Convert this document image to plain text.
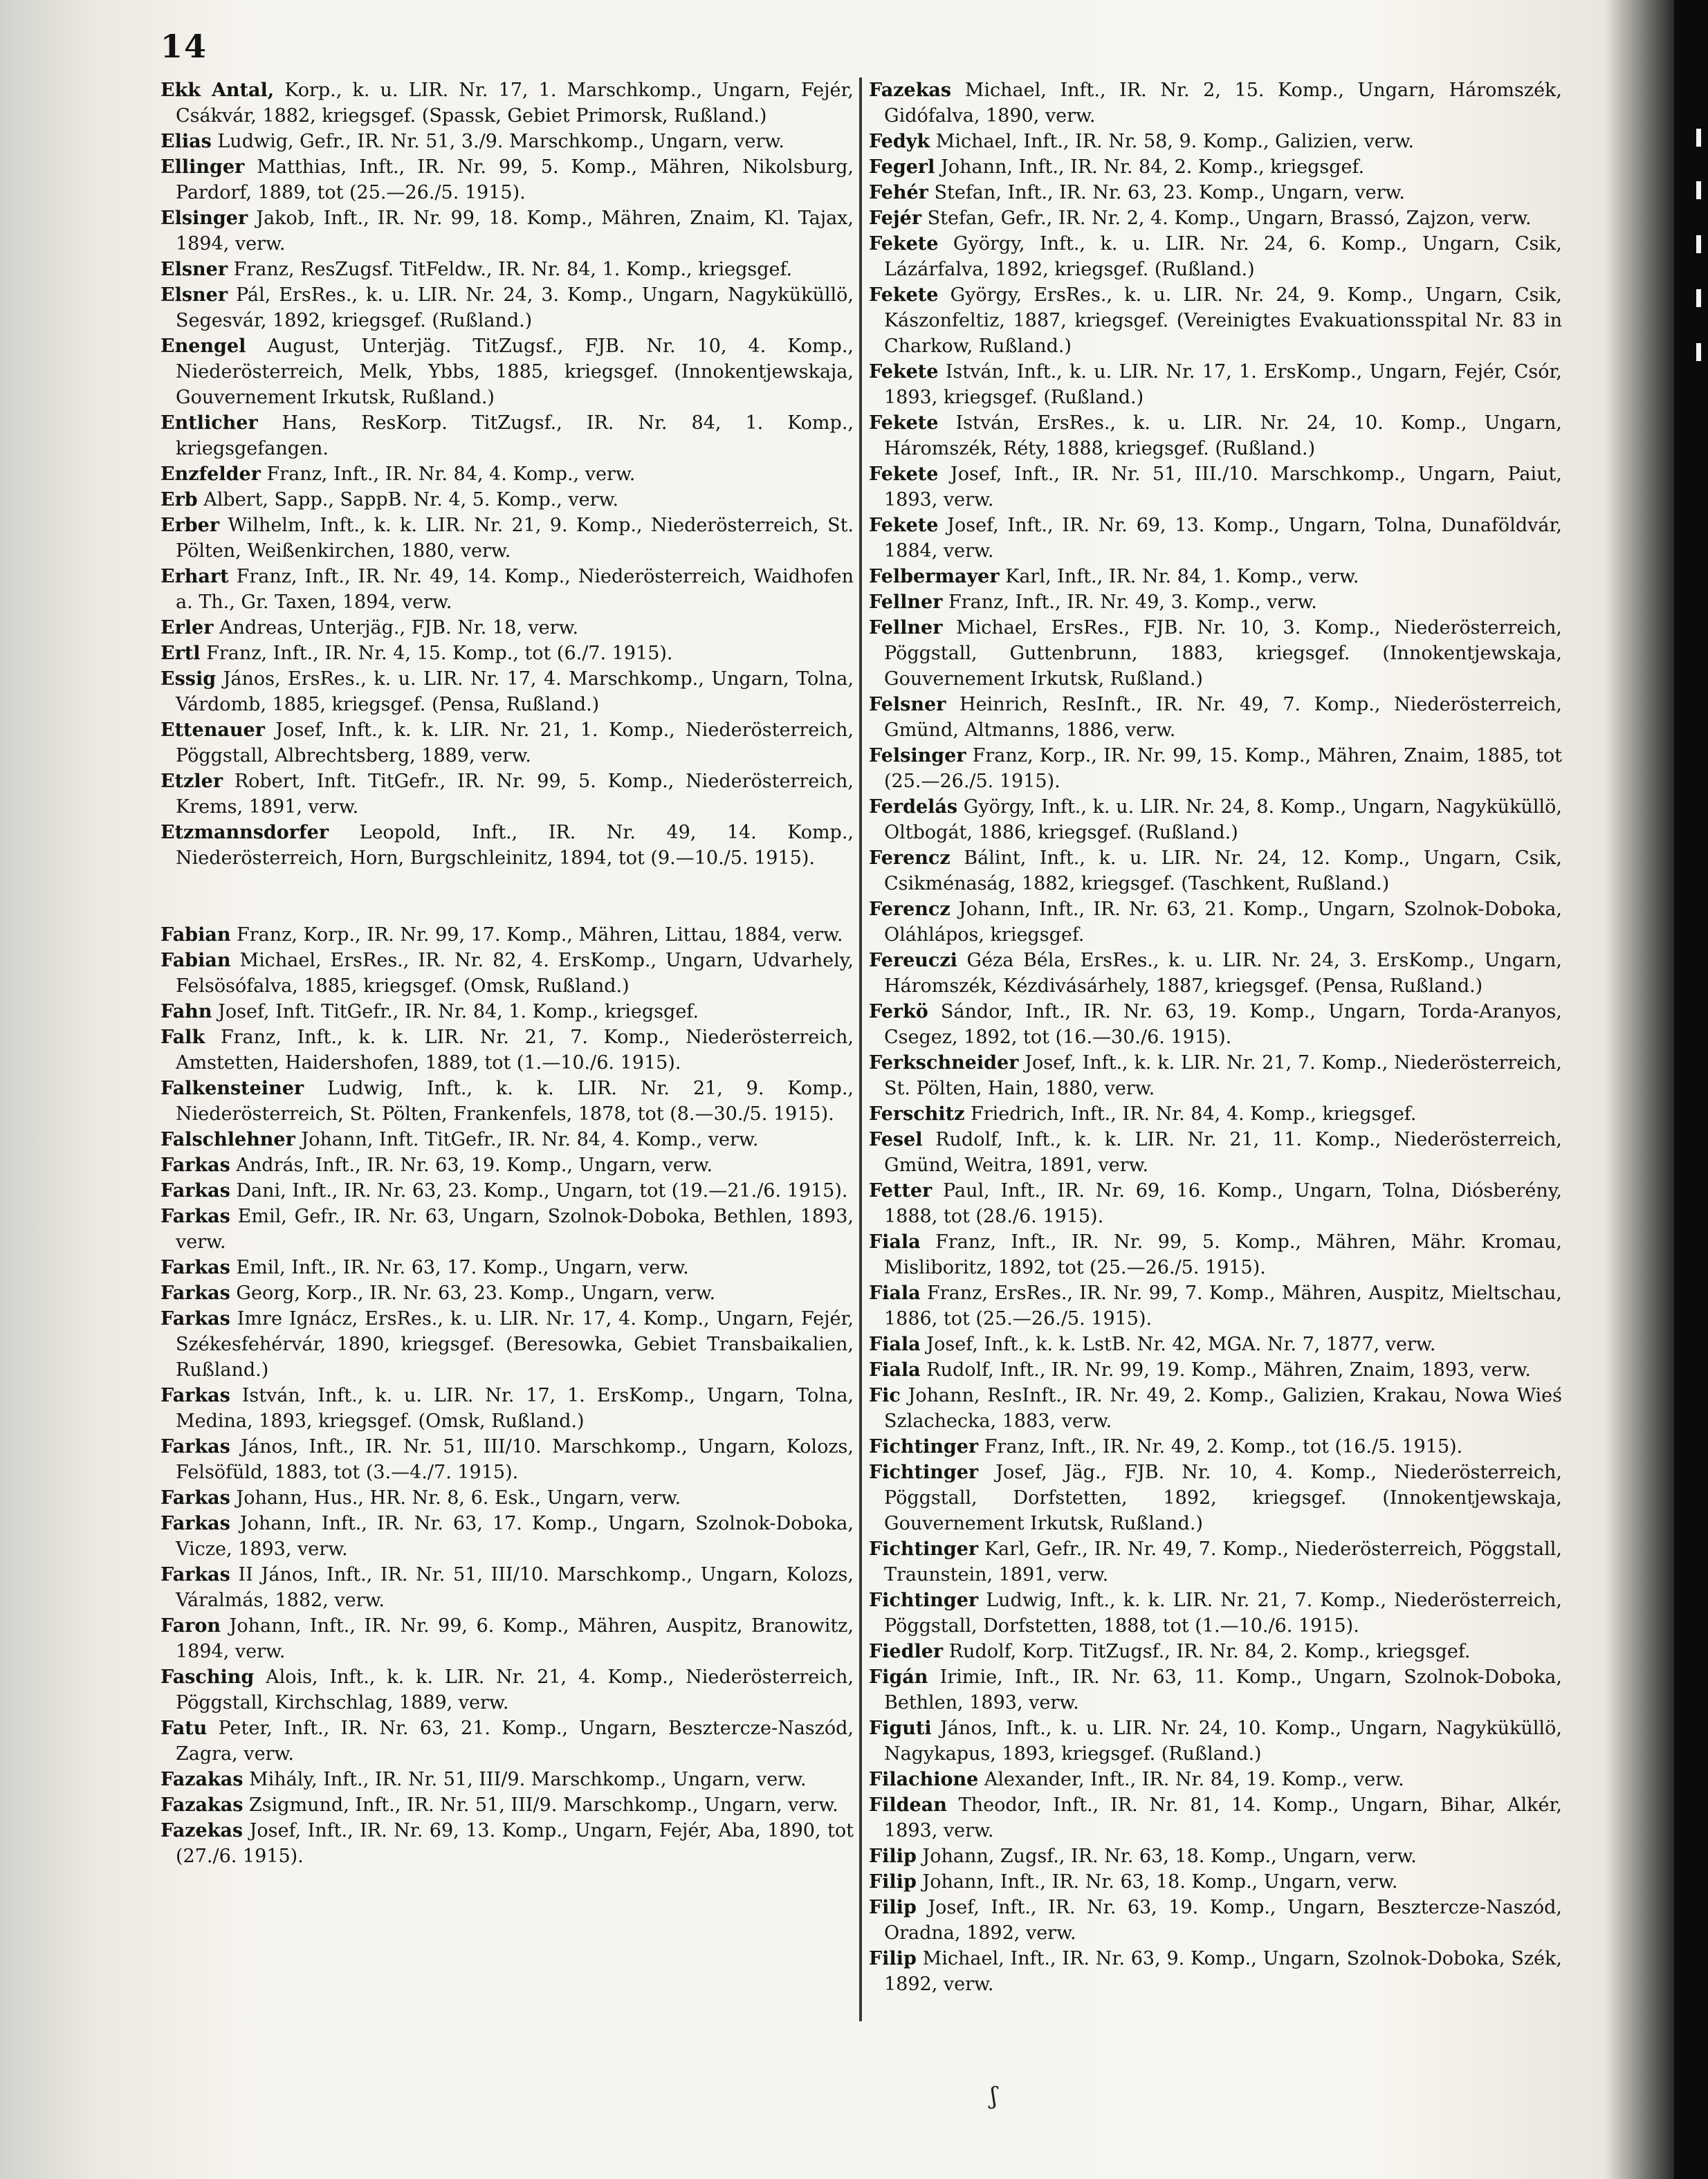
14

Ekk Antal, Korp., k. u. LIR. Nr. 17, 1. Marschkomp., Ungarn, Fejér, Csákvár, 1882, kriegsgef. (Spassk, Gebiet Primorsk, Rußland.)

Elias Ludwig, Gefr., IR. Nr. 51, 3./9. Marschkomp., Ungarn, verw.

Ellinger Matthias, Inft., IR. Nr. 99, 5. Komp., Mähren, Nikolsburg, Pardorf, 1889, tot (25.—26./5. 1915).

Elsinger Jakob, Inft., IR. Nr. 99, 18. Komp., Mähren, Znaim, Kl. Tajax, 1894, verw.

Elsner Franz, ResZugsf. TitFeldw., IR. Nr. 84, 1. Komp., kriegsgef.

Elsner Pál, ErsRes., k. u. LIR. Nr. 24, 3. Komp., Ungarn, Nagyküküllö, Segesvár, 1892, kriegsgef. (Rußland.)

Enengel August, Unterjäg. TitZugsf., FJB. Nr. 10, 4. Komp., Niederösterreich, Melk, Ybbs, 1885, kriegsgef. (Innokentjewskaja, Gouvernement Irkutsk, Rußland.)

Entlicher Hans, ResKorp. TitZugsf., IR. Nr. 84, 1. Komp., kriegsgefangen.

Enzfelder Franz, Inft., IR. Nr. 84, 4. Komp., verw.

Erb Albert, Sapp., SappB. Nr. 4, 5. Komp., verw.

Erber Wilhelm, Inft., k. k. LIR. Nr. 21, 9. Komp., Niederösterreich, St. Pölten, Weißenkirchen, 1880, verw.

Erhart Franz, Inft., IR. Nr. 49, 14. Komp., Niederösterreich, Waidhofen a. Th., Gr. Taxen, 1894, verw.

Erler Andreas, Unterjäg., FJB. Nr. 18, verw.

Ertl Franz, Inft., IR. Nr. 4, 15. Komp., tot (6./7. 1915).

Essig János, ErsRes., k. u. LIR. Nr. 17, 4. Marschkomp., Ungarn, Tolna, Várdomb, 1885, kriegsgef. (Pensa, Rußland.)

Ettenauer Josef, Inft., k. k. LIR. Nr. 21, 1. Komp., Niederösterreich, Pöggstall, Albrechtsberg, 1889, verw.

Etzler Robert, Inft. TitGefr., IR. Nr. 99, 5. Komp., Niederösterreich, Krems, 1891, verw.

Etzmannsdorfer Leopold, Inft., IR. Nr. 49, 14. Komp., Niederösterreich, Horn, Burgschleinitz, 1894, tot (9.—10./5. 1915).

Fabian Franz, Korp., IR. Nr. 99, 17. Komp., Mähren, Littau, 1884, verw.

Fabian Michael, ErsRes., IR. Nr. 82, 4. ErsKomp., Ungarn, Udvarhely, Felsösófalva, 1885, kriegsgef. (Omsk, Rußland.)

Fahn Josef, Inft. TitGefr., IR. Nr. 84, 1. Komp., kriegsgef.

Falk Franz, Inft., k. k. LIR. Nr. 21, 7. Komp., Niederösterreich, Amstetten, Haidershofen, 1889, tot (1.—10./6. 1915).

Falkensteiner Ludwig, Inft., k. k. LIR. Nr. 21, 9. Komp., Niederösterreich, St. Pölten, Frankenfels, 1878, tot (8.—30./5. 1915).

Falschlehner Johann, Inft. TitGefr., IR. Nr. 84, 4. Komp., verw.

Farkas András, Inft., IR. Nr. 63, 19. Komp., Ungarn, verw.

Farkas Dani, Inft., IR. Nr. 63, 23. Komp., Ungarn, tot (19.—21./6. 1915).

Farkas Emil, Gefr., IR. Nr. 63, Ungarn, Szolnok-Doboka, Bethlen, 1893, verw.

Farkas Emil, Inft., IR. Nr. 63, 17. Komp., Ungarn, verw.

Farkas Georg, Korp., IR. Nr. 63, 23. Komp., Ungarn, verw.

Farkas Imre Ignácz, ErsRes., k. u. LIR. Nr. 17, 4. Komp., Ungarn, Fejér, Székesfehérvár, 1890, kriegsgef. (Beresowka, Gebiet Transbaikalien, Rußland.)

Farkas István, Inft., k. u. LIR. Nr. 17, 1. ErsKomp., Ungarn, Tolna, Medina, 1893, kriegsgef. (Omsk, Rußland.)

Farkas János, Inft., IR. Nr. 51, III/10. Marschkomp., Ungarn, Kolozs, Felsöfüld, 1883, tot (3.—4./7. 1915).

Farkas Johann, Hus., HR. Nr. 8, 6. Esk., Ungarn, verw.

Farkas Johann, Inft., IR. Nr. 63, 17. Komp., Ungarn, Szolnok-Doboka, Vicze, 1893, verw.

Farkas II János, Inft., IR. Nr. 51, III/10. Marschkomp., Ungarn, Kolozs, Váralmás, 1882, verw.

Faron Johann, Inft., IR. Nr. 99, 6. Komp., Mähren, Auspitz, Branowitz, 1894, verw.

Fasching Alois, Inft., k. k. LIR. Nr. 21, 4. Komp., Niederösterreich, Pöggstall, Kirchschlag, 1889, verw.

Fatu Peter, Inft., IR. Nr. 63, 21. Komp., Ungarn, Besztercze-Naszód, Zagra, verw.

Fazakas Mihály, Inft., IR. Nr. 51, III/9. Marschkomp., Ungarn, verw.

Fazakas Zsigmund, Inft., IR. Nr. 51, III/9. Marschkomp., Ungarn, verw.

Fazekas Josef, Inft., IR. Nr. 69, 13. Komp., Ungarn, Fejér, Aba, 1890, tot (27./6. 1915).

Fazekas Michael, Inft., IR. Nr. 2, 15. Komp., Ungarn, Háromszék, Gidófalva, 1890, verw.

Fedyk Michael, Inft., IR. Nr. 58, 9. Komp., Galizien, verw.

Fegerl Johann, Inft., IR. Nr. 84, 2. Komp., kriegsgef.

Fehér Stefan, Inft., IR. Nr. 63, 23. Komp., Ungarn, verw.

Fejér Stefan, Gefr., IR. Nr. 2, 4. Komp., Ungarn, Brassó, Zajzon, verw.

Fekete György, Inft., k. u. LIR. Nr. 24, 6. Komp., Ungarn, Csik, Lázárfalva, 1892, kriegsgef. (Rußland.)

Fekete György, ErsRes., k. u. LIR. Nr. 24, 9. Komp., Ungarn, Csik, Kászonfeltiz, 1887, kriegsgef. (Vereinigtes Evakuationsspital Nr. 83 in Charkow, Rußland.)

Fekete István, Inft., k. u. LIR. Nr. 17, 1. ErsKomp., Ungarn, Fejér, Csór, 1893, kriegsgef. (Rußland.)

Fekete István, ErsRes., k. u. LIR. Nr. 24, 10. Komp., Ungarn, Háromszék, Réty, 1888, kriegsgef. (Rußland.)

Fekete Josef, Inft., IR. Nr. 51, III./10. Marschkomp., Ungarn, Paiut, 1893, verw.

Fekete Josef, Inft., IR. Nr. 69, 13. Komp., Ungarn, Tolna, Dunaföldvár, 1884, verw.

Felbermayer Karl, Inft., IR. Nr. 84, 1. Komp., verw.

Fellner Franz, Inft., IR. Nr. 49, 3. Komp., verw.

Fellner Michael, ErsRes., FJB. Nr. 10, 3. Komp., Niederösterreich, Pöggstall, Guttenbrunn, 1883, kriegsgef. (Innokentjewskaja, Gouvernement Irkutsk, Rußland.)

Felsner Heinrich, ResInft., IR. Nr. 49, 7. Komp., Niederösterreich, Gmünd, Altmanns, 1886, verw.

Felsinger Franz, Korp., IR. Nr. 99, 15. Komp., Mähren, Znaim, 1885, tot (25.—26./5. 1915).

Ferdelás György, Inft., k. u. LIR. Nr. 24, 8. Komp., Ungarn, Nagyküküllö, Oltbogát, 1886, kriegsgef. (Rußland.)

Ferencz Bálint, Inft., k. u. LIR. Nr. 24, 12. Komp., Ungarn, Csik, Csikménaság, 1882, kriegsgef. (Taschkent, Rußland.)

Ferencz Johann, Inft., IR. Nr. 63, 21. Komp., Ungarn, Szolnok-Doboka, Oláhlápos, kriegsgef.

Fereuczi Géza Béla, ErsRes., k. u. LIR. Nr. 24, 3. ErsKomp., Ungarn, Háromszék, Kézdivásárhely, 1887, kriegsgef. (Pensa, Rußland.)

Ferkö Sándor, Inft., IR. Nr. 63, 19. Komp., Ungarn, Torda-Aranyos, Csegez, 1892, tot (16.—30./6. 1915).

Ferkschneider Josef, Inft., k. k. LIR. Nr. 21, 7. Komp., Niederösterreich, St. Pölten, Hain, 1880, verw.

Ferschitz Friedrich, Inft., IR. Nr. 84, 4. Komp., kriegsgef.

Fesel Rudolf, Inft., k. k. LIR. Nr. 21, 11. Komp., Niederösterreich, Gmünd, Weitra, 1891, verw.

Fetter Paul, Inft., IR. Nr. 69, 16. Komp., Ungarn, Tolna, Diósberény, 1888, tot (28./6. 1915).

Fiala Franz, Inft., IR. Nr. 99, 5. Komp., Mähren, Mähr. Kromau, Misliboritz, 1892, tot (25.—26./5. 1915).

Fiala Franz, ErsRes., IR. Nr. 99, 7. Komp., Mähren, Auspitz, Mieltschau, 1886, tot (25.—26./5. 1915).

Fiala Josef, Inft., k. k. LstB. Nr. 42, MGA. Nr. 7, 1877, verw.

Fiala Rudolf, Inft., IR. Nr. 99, 19. Komp., Mähren, Znaim, 1893, verw.

Fic Johann, ResInft., IR. Nr. 49, 2. Komp., Galizien, Krakau, Nowa Wieś Szlachecka, 1883, verw.

Fichtinger Franz, Inft., IR. Nr. 49, 2. Komp., tot (16./5. 1915).

Fichtinger Josef, Jäg., FJB. Nr. 10, 4. Komp., Niederösterreich, Pöggstall, Dorfstetten, 1892, kriegsgef. (Innokentjewskaja, Gouvernement Irkutsk, Rußland.)

Fichtinger Karl, Gefr., IR. Nr. 49, 7. Komp., Niederösterreich, Pöggstall, Traunstein, 1891, verw.

Fichtinger Ludwig, Inft., k. k. LIR. Nr. 21, 7. Komp., Niederösterreich, Pöggstall, Dorfstetten, 1888, tot (1.—10./6. 1915).

Fiedler Rudolf, Korp. TitZugsf., IR. Nr. 84, 2. Komp., kriegsgef.

Figán Irimie, Inft., IR. Nr. 63, 11. Komp., Ungarn, Szolnok-Doboka, Bethlen, 1893, verw.

Figuti János, Inft., k. u. LIR. Nr. 24, 10. Komp., Ungarn, Nagyküküllö, Nagykapus, 1893, kriegsgef. (Rußland.)

Filachione Alexander, Inft., IR. Nr. 84, 19. Komp., verw.

Fildean Theodor, Inft., IR. Nr. 81, 14. Komp., Ungarn, Bihar, Alkér, 1893, verw.

Filip Johann, Zugsf., IR. Nr. 63, 18. Komp., Ungarn, verw.

Filip Johann, Inft., IR. Nr. 63, 18. Komp., Ungarn, verw.

Filip Josef, Inft., IR. Nr. 63, 19. Komp., Ungarn, Besztercze-Naszód, Oradna, 1892, verw.

Filip Michael, Inft., IR. Nr. 63, 9. Komp., Ungarn, Szolnok-Doboka, Szék, 1892, verw.

ʃ
